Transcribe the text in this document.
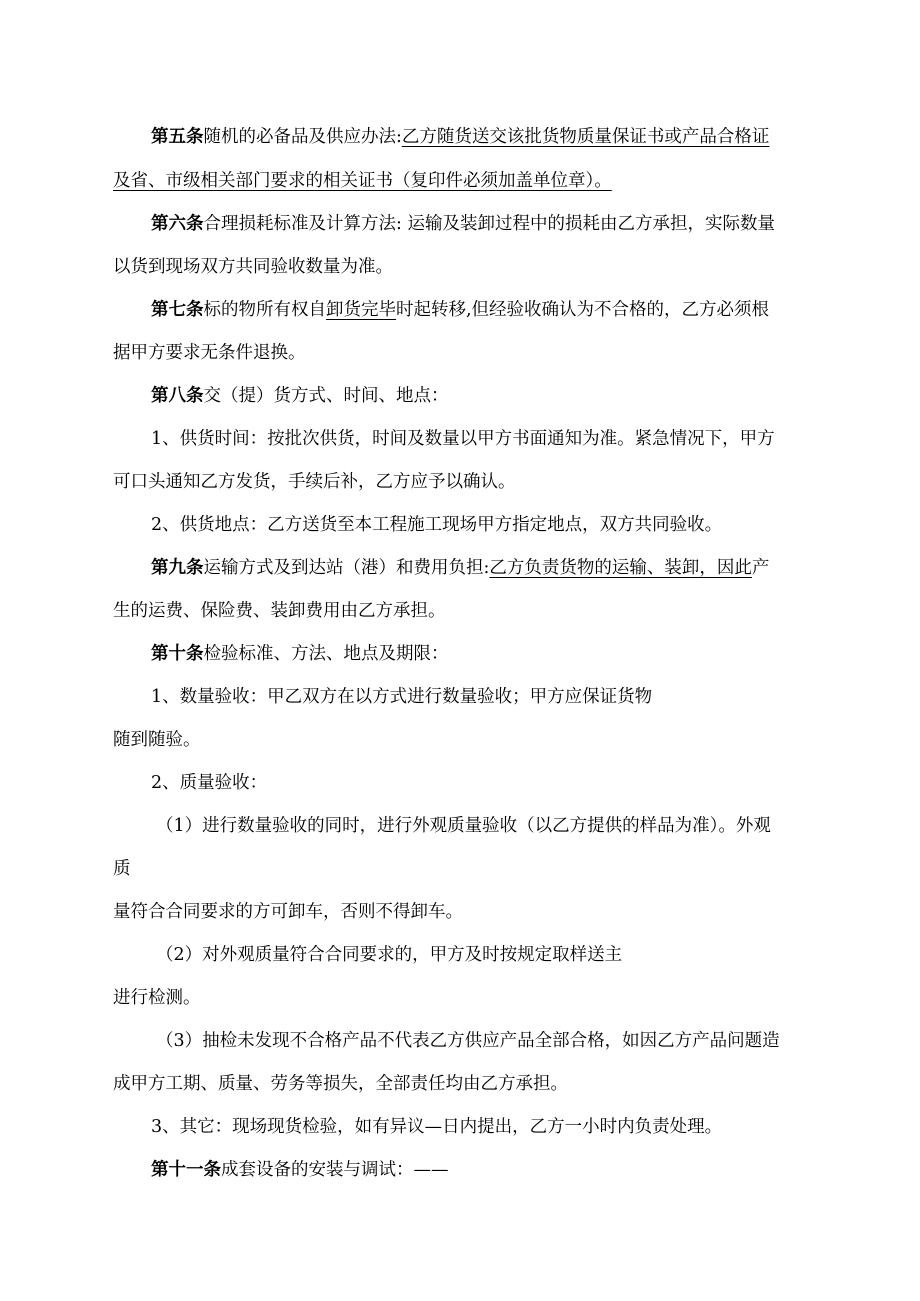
第五条随机的必备品及供应办法:乙方随货送交该批货物质量保证书或产品合格证
及省、市级相关部门要求的相关证书（复印件必须加盖单位章）。
第六条合理损耗标准及计算方法: 运输及装卸过程中的损耗由乙方承担，实际数量
以货到现场双方共同验收数量为准。
第七条标的物所有权自卸货完毕时起转移,但经验收确认为不合格的，乙方必须根
据甲方要求无条件退换。
第八条交（提）货方式、时间、地点：
1、供货时间：按批次供货，时间及数量以甲方书面通知为准。紧急情况下，甲方
可口头通知乙方发货，手续后补，乙方应予以确认。
2、供货地点：乙方送货至本工程施工现场甲方指定地点，双方共同验收。
第九条运输方式及到达站（港）和费用负担:乙方负责货物的运输、装卸，因此产
生的运费、保险费、装卸费用由乙方承担。
第十条检验标准、方法、地点及期限：
1、数量验收：甲乙双方在以方式进行数量验收；甲方应保证货物
随到随验。
2、质量验收：
（1）进行数量验收的同时，进行外观质量验收（以乙方提供的样品为准）。外观
质
量符合合同要求的方可卸车，否则不得卸车。
（2）对外观质量符合合同要求的，甲方及时按规定取样送主
进行检测。
（3）抽检未发现不合格产品不代表乙方供应产品全部合格，如因乙方产品问题造
成甲方工期、质量、劳务等损失，全部责任均由乙方承担。
3、其它：现场现货检验，如有异议—日内提出，乙方一小时内负责处理。
第十一条成套设备的安装与调试：——
